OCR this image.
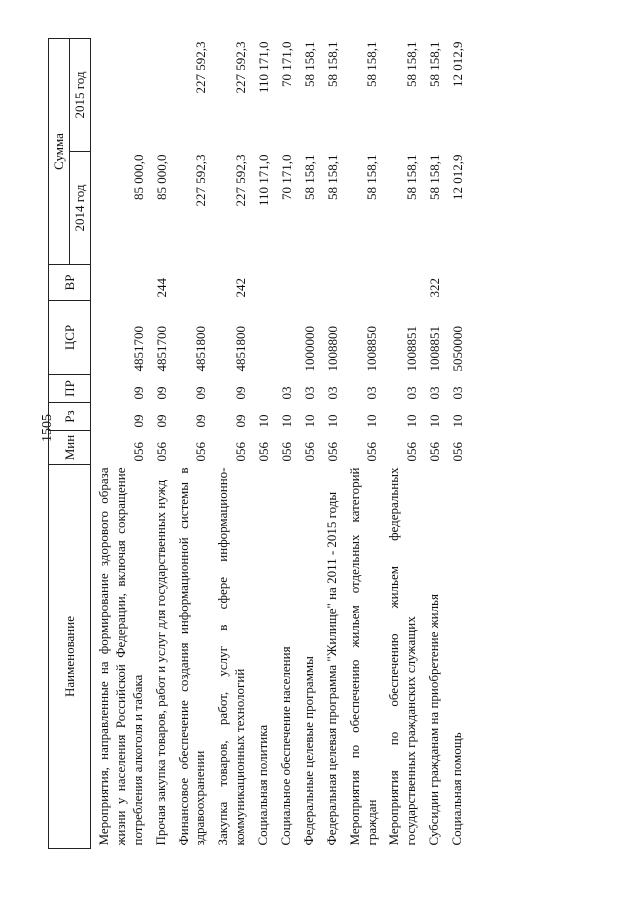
1505
Наименование	Мин	Рз	ПР	ЦСР	ВР	Сумма	
						2014 год	2015 год
Мероприятия, направленные на формирование здорового образа жизни у населения Российской Федерации, включая сокращение потребления алкоголя и табака	056	09	09	4851700		85 000,0	
Прочая закупка товаров, работ и услуг для государственных нужд	056	09	09	4851700	244	85 000,0	
Финансовое обеспечение создания информационной системы в здравоохранении	056	09	09	4851800		227 592,3	227 592,3
Закупка товаров, работ, услуг в сфере информационно-коммуникационных технологий	056	09	09	4851800	242	227 592,3	227 592,3
Социальная политика	056	10				110 171,0	110 171,0
Социальное обеспечение населения	056	10	03			70 171,0	70 171,0
Федеральные целевые программы	056	10	03	1000000		58 158,1	58 158,1
Федеральная целевая программа "Жилище" на 2011 - 2015 годы	056	10	03	1008800		58 158,1	58 158,1
Мероприятия по обеспечению жильем отдельных категорий граждан	056	10	03	1008850		58 158,1	58 158,1
Мероприятия по обеспечению жильем федеральных государственных гражданских служащих	056	10	03	1008851		58 158,1	58 158,1
Субсидии гражданам на приобретение жилья	056	10	03	1008851	322	58 158,1	58 158,1
Социальная помощь	056	10	03	5050000		12 012,9	12 012,9
